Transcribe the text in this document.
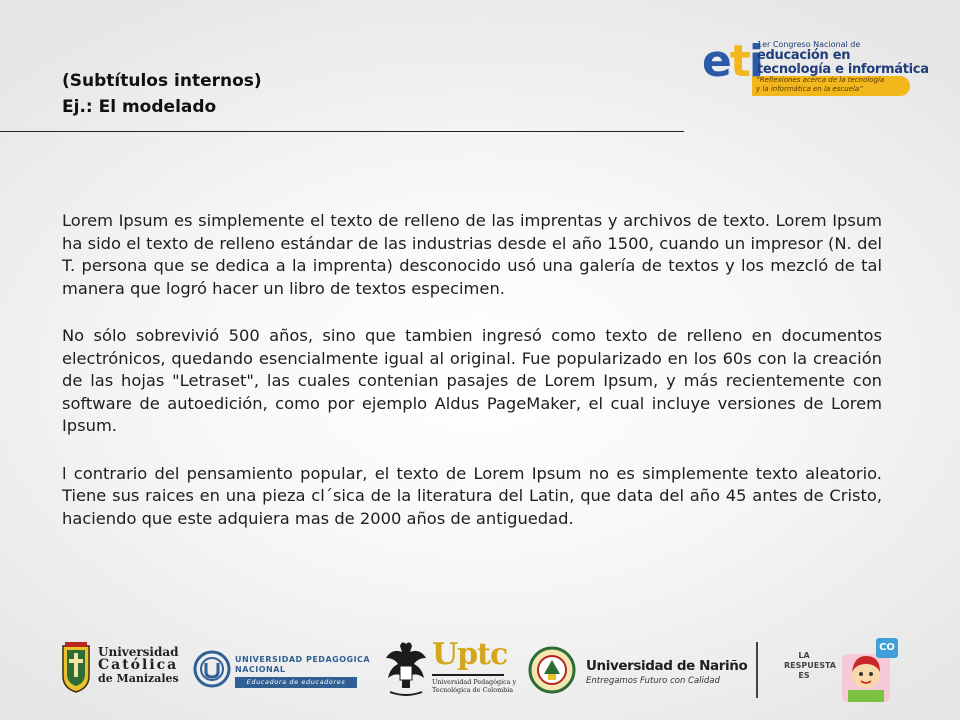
(Subtítulos internos)
Ej.: El modelado
eti
1er Congreso Nacional de
educación en
tecnología e informática
“Reflexiones acerca de la tecnología
y la informática en la escuela”

Lorem Ipsum es simplemente el texto de relleno de las imprentas y archivos de texto. Lorem Ipsum ha sido el texto de relleno estándar de las industrias desde el año 1500, cuando un impresor (N. del T. persona que se dedica a la imprenta) desconocido usó una galería de textos y los mezcló de tal manera que logró hacer un libro de textos especimen.

No sólo sobrevivió 500 años, sino que tambien ingresó como texto de relleno en documentos electrónicos, quedando esencialmente igual al original. Fue popularizado en los 60s con la creación de las hojas "Letraset", las cuales contenian pasajes de Lorem Ipsum, y más recientemente con software de autoedición, como por ejemplo Aldus PageMaker, el cual incluye versiones de Lorem Ipsum.

l contrario del pensamiento popular, el texto de Lorem Ipsum no es simplemente texto aleatorio. Tiene sus raices en una pieza cl´sica de la literatura del Latin, que data del año 45 antes de Cristo, haciendo que este adquiera mas de 2000 años de antiguedad.

Universidad
Católica
de Manizales
UNIVERSIDAD PEDAGOGICA
NACIONAL
Educadora de educadores
Uptc
Universidad Pedagógica y
Tecnológica de Colombia
Universidad de Nariño
Entregamos Futuro con Calidad
LA
RESPUESTA
ES
CO
